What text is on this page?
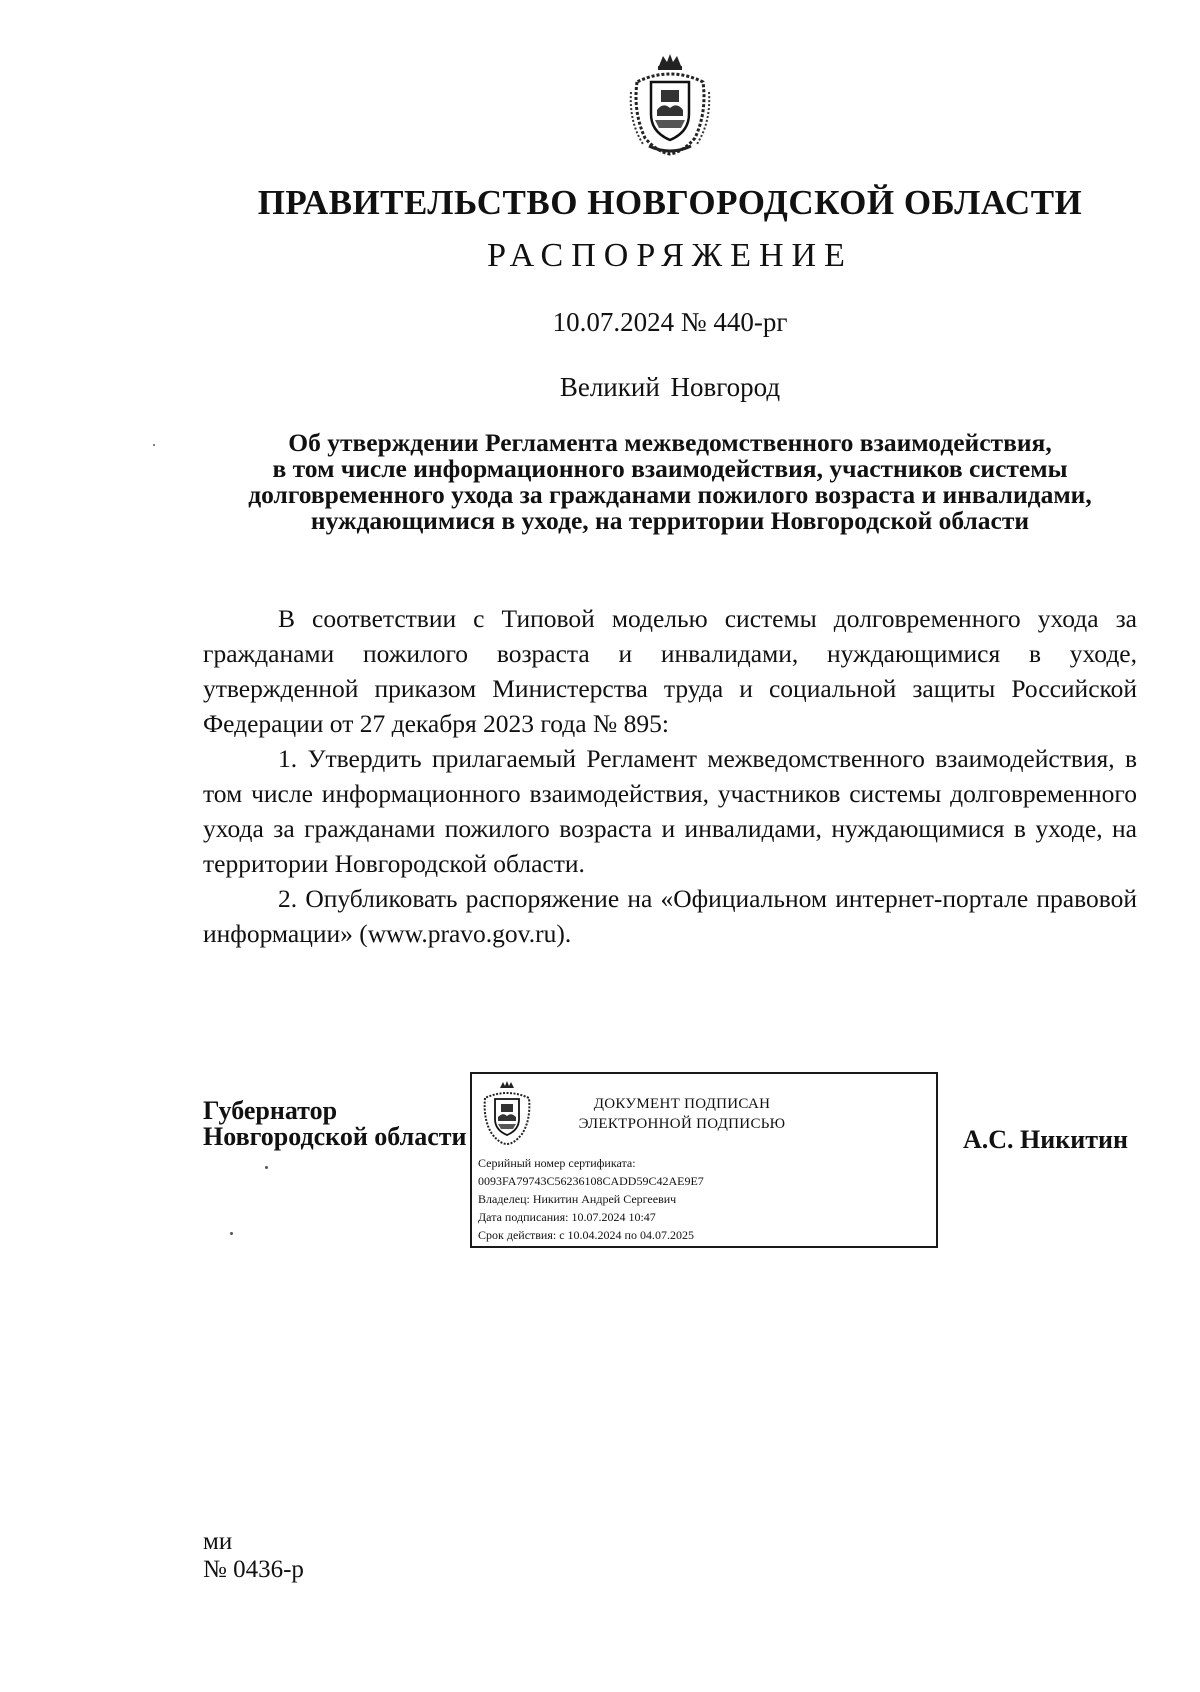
ПРАВИТЕЛЬСТВО НОВГОРОДСКОЙ ОБЛАСТИ
РАСПОРЯЖЕНИЕ
10.07.2024 № 440-рг
Великий Новгород
Об утверждении Регламента межведомственного взаимодействия,
в том числе информационного взаимодействия, участников системы
долговременного ухода за гражданами пожилого возраста и инвалидами,
нуждающимися в уходе, на территории Новгородской области

В соответствии с Типовой моделью системы долговременного ухода за гражданами пожилого возраста и инвалидами, нуждающимися в уходе, утвержденной приказом Министерства труда и социальной защиты Российской Федерации от 27 декабря 2023 года № 895:

1. Утвердить прилагаемый Регламент межведомственного взаимодействия, в том числе информационного взаимодействия, участников системы долговременного ухода за гражданами пожилого возраста и инвалидами, нуждающимися в уходе, на территории Новгородской области.

2. Опубликовать распоряжение на «Официальном интернет-портале правовой информации» (www.pravo.gov.ru).

Губернатор
Новгородской области
ДОКУМЕНТ ПОДПИСАН
ЭЛЕКТРОННОЙ ПОДПИСЬЮ
Серийный номер сертификата:
0093FA79743C56236108CADD59C42AE9E7
Владелец: Никитин Андрей Сергеевич
Дата подписания: 10.07.2024 10:47
Срок действия: с 10.04.2024 по 04.07.2025
А.С. Никитин
ми
№ 0436-р
